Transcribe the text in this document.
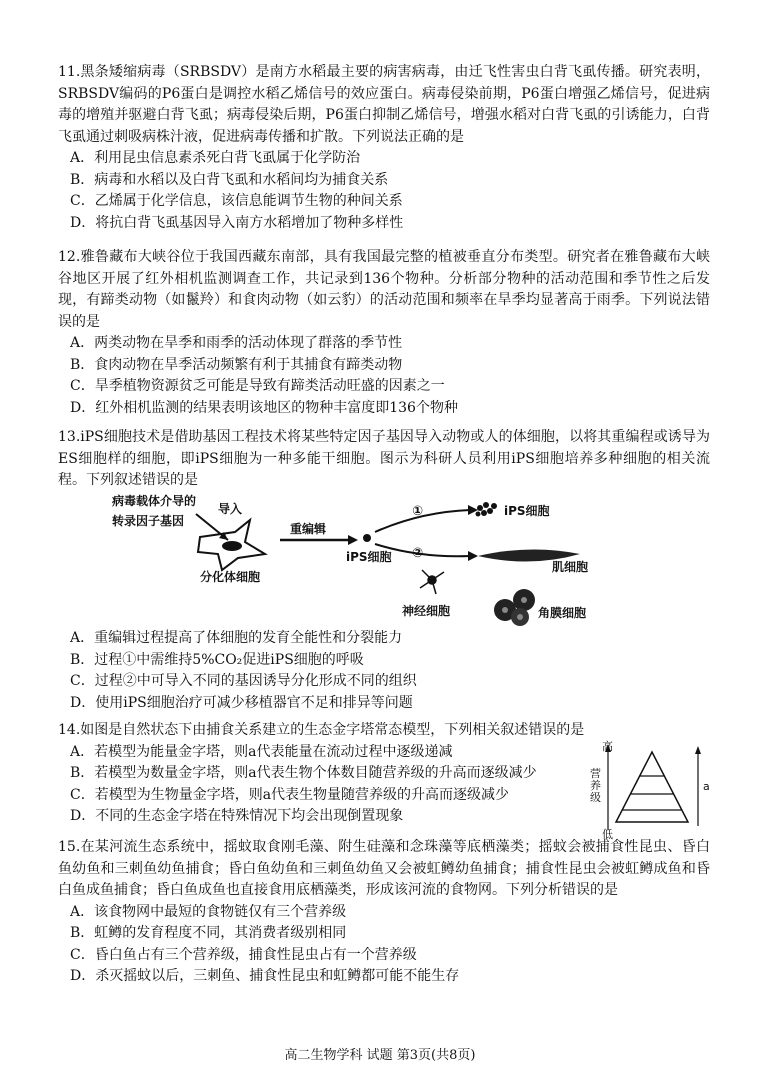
11.黑条矮缩病毒（SRBSDV）是南方水稻最主要的病害病毒，由迁飞性害虫白背飞虱传播。研究表明，SRBSDV编码的P6蛋白是调控水稻乙烯信号的效应蛋白。病毒侵染前期，P6蛋白增强乙烯信号，促进病毒的增殖并驱避白背飞虱；病毒侵染后期，P6蛋白抑制乙烯信号，增强水稻对白背飞虱的引诱能力，白背飞虱通过刺吸病株汁液，促进病毒传播和扩散。下列说法正确的是
A．利用昆虫信息素杀死白背飞虱属于化学防治
B．病毒和水稻以及白背飞虱和水稻间均为捕食关系
C．乙烯属于化学信息，该信息能调节生物的种间关系
D．将抗白背飞虱基因导入南方水稻增加了物种多样性
12.雅鲁藏布大峡谷位于我国西藏东南部，具有我国最完整的植被垂直分布类型。研究者在雅鲁藏布大峡谷地区开展了红外相机监测调查工作，共记录到136个物种。分析部分物种的活动范围和季节性之后发现，有蹄类动物（如鬣羚）和食肉动物（如云豹）的活动范围和频率在旱季均显著高于雨季。下列说法错误的是
A．两类动物在旱季和雨季的活动体现了群落的季节性
B．食肉动物在旱季活动频繁有利于其捕食有蹄类动物
C．旱季植物资源贫乏可能是导致有蹄类活动旺盛的因素之一
D．红外相机监测的结果表明该地区的物种丰富度即136个物种
13.iPS细胞技术是借助基因工程技术将某些特定因子基因导入动物或人的体细胞，以将其重编程或诱导为ES细胞样的细胞，即iPS细胞为一种多能干细胞。图示为科研人员利用iPS细胞培养多种细胞的相关流程。下列叙述错误的是
病毒载体介导的
转录因子基因
导入
重编辑
分化体细胞
iPS细胞
①
②
iPS细胞
肌细胞
神经细胞	角膜细胞
A．重编辑过程提高了体细胞的发育全能性和分裂能力
B．过程①中需维持5%CO₂促进iPS细胞的呼吸
C．过程②中可导入不同的基因诱导分化形成不同的组织
D．使用iPS细胞治疗可减少移植器官不足和排异等问题
14.如图是自然状态下由捕食关系建立的生态金字塔常态模型，下列相关叙述错误的是
A．若模型为能量金字塔，则a代表能量在流动过程中逐级递减
B．若模型为数量金字塔，则a代表生物个体数目随营养级的升高而逐级减少
C．若模型为生物量金字塔，则a代表生物量随营养级的升高而逐级减少
D．不同的生态金字塔在特殊情况下均会出现倒置现象
高
营养级
低
a
15.在某河流生态系统中，摇蚊取食刚毛藻、附生硅藻和念珠藻等底栖藻类；摇蚊会被捕食性昆虫、昏白鱼幼鱼和三刺鱼幼鱼捕食；昏白鱼幼鱼和三刺鱼幼鱼又会被虹鳟幼鱼捕食；捕食性昆虫会被虹鳟成鱼和昏白鱼成鱼捕食；昏白鱼成鱼也直接食用底栖藻类，形成该河流的食物网。下列分析错误的是
A．该食物网中最短的食物链仅有三个营养级
B．虹鳟的发育程度不同，其消费者级别相同
C．昏白鱼占有三个营养级，捕食性昆虫占有一个营养级
D．杀灭摇蚊以后，三刺鱼、捕食性昆虫和虹鳟都可能不能生存
高二生物学科 试题 第3页(共8页)
